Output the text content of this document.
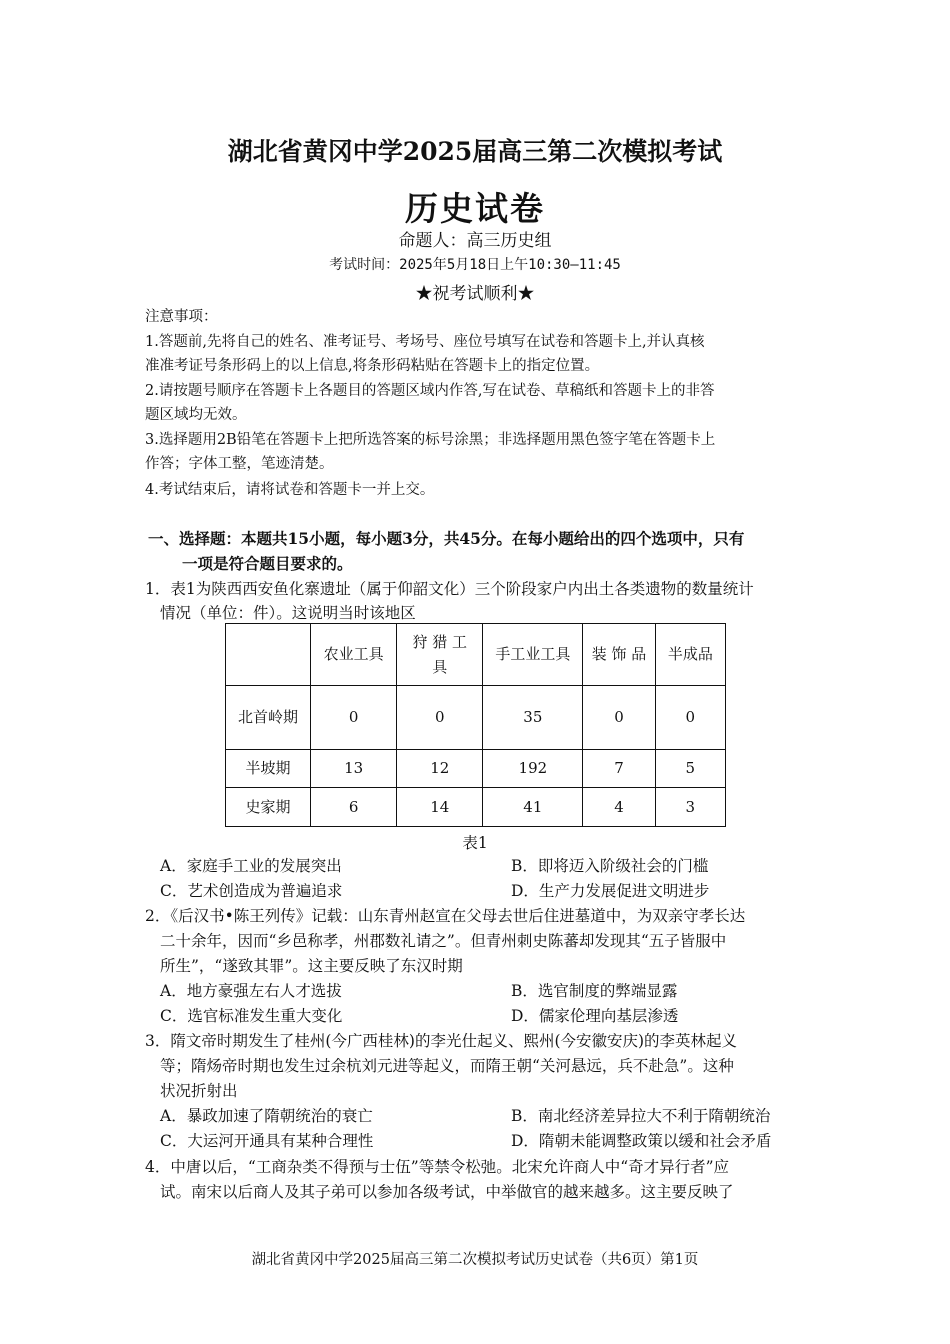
湖北省黄冈中学2025届高三第二次模拟考试
历史试卷
命题人：高三历史组
考试时间：2025年5月18日上午10:30—11:45
★祝考试顺利★
注意事项：
1.答题前,先将自己的姓名、准考证号、考场号、座位号填写在试卷和答题卡上,并认真核
准准考证号条形码上的以上信息,将条形码粘贴在答题卡上的指定位置。
2.请按题号顺序在答题卡上各题目的答题区域内作答,写在试卷、草稿纸和答题卡上的非答
题区域均无效。
3.选择题用2B铅笔在答题卡上把所选答案的标号涂黑；非选择题用黑色签字笔在答题卡上
作答；字体工整，笔迹清楚。
4.考试结束后，请将试卷和答题卡一并上交。
一、选择题：本题共15小题，每小题3分，共45分。在每小题给出的四个选项中，只有
一项是符合题目要求的。
1．表1为陕西西安鱼化寨遗址（属于仰韶文化）三个阶段家户内出土各类遗物的数量统计
情况（单位：件）。这说明当时该地区
	农业工具	狩 猎 工 具	手工业工具	装 饰 品	半成品
北首岭期	0	0	35	0	0
半坡期	13	12	192	7	5
史家期	6	14	41	4	3
表1
A．家庭手工业的发展突出	B．即将迈入阶级社会的门槛
C．艺术创造成为普遍追求	D．生产力发展促进文明进步
2．《后汉书•陈王列传》记载：山东青州赵宣在父母去世后住进墓道中，为双亲守孝长达
二十余年，因而“乡邑称孝，州郡数礼请之”。但青州刺史陈蕃却发现其“五子皆服中
所生”，“遂致其罪”。这主要反映了东汉时期
A．地方豪强左右人才选拔	B．选官制度的弊端显露
C．选官标准发生重大变化	D．儒家伦理向基层渗透
3．隋文帝时期发生了桂州(今广西桂林)的李光仕起义、熙州(今安徽安庆)的李英林起义
等；隋炀帝时期也发生过余杭刘元进等起义，而隋王朝“关河悬远，兵不赴急”。这种
状况折射出
A．暴政加速了隋朝统治的衰亡	B．南北经济差异拉大不利于隋朝统治
C．大运河开通具有某种合理性	D．隋朝未能调整政策以缓和社会矛盾
4．中唐以后，“工商杂类不得预与士伍”等禁令松弛。北宋允许商人中“奇才异行者”应
试。南宋以后商人及其子弟可以参加各级考试，中举做官的越来越多。这主要反映了
湖北省黄冈中学2025届高三第二次模拟考试历史试卷（共6页）第1页
